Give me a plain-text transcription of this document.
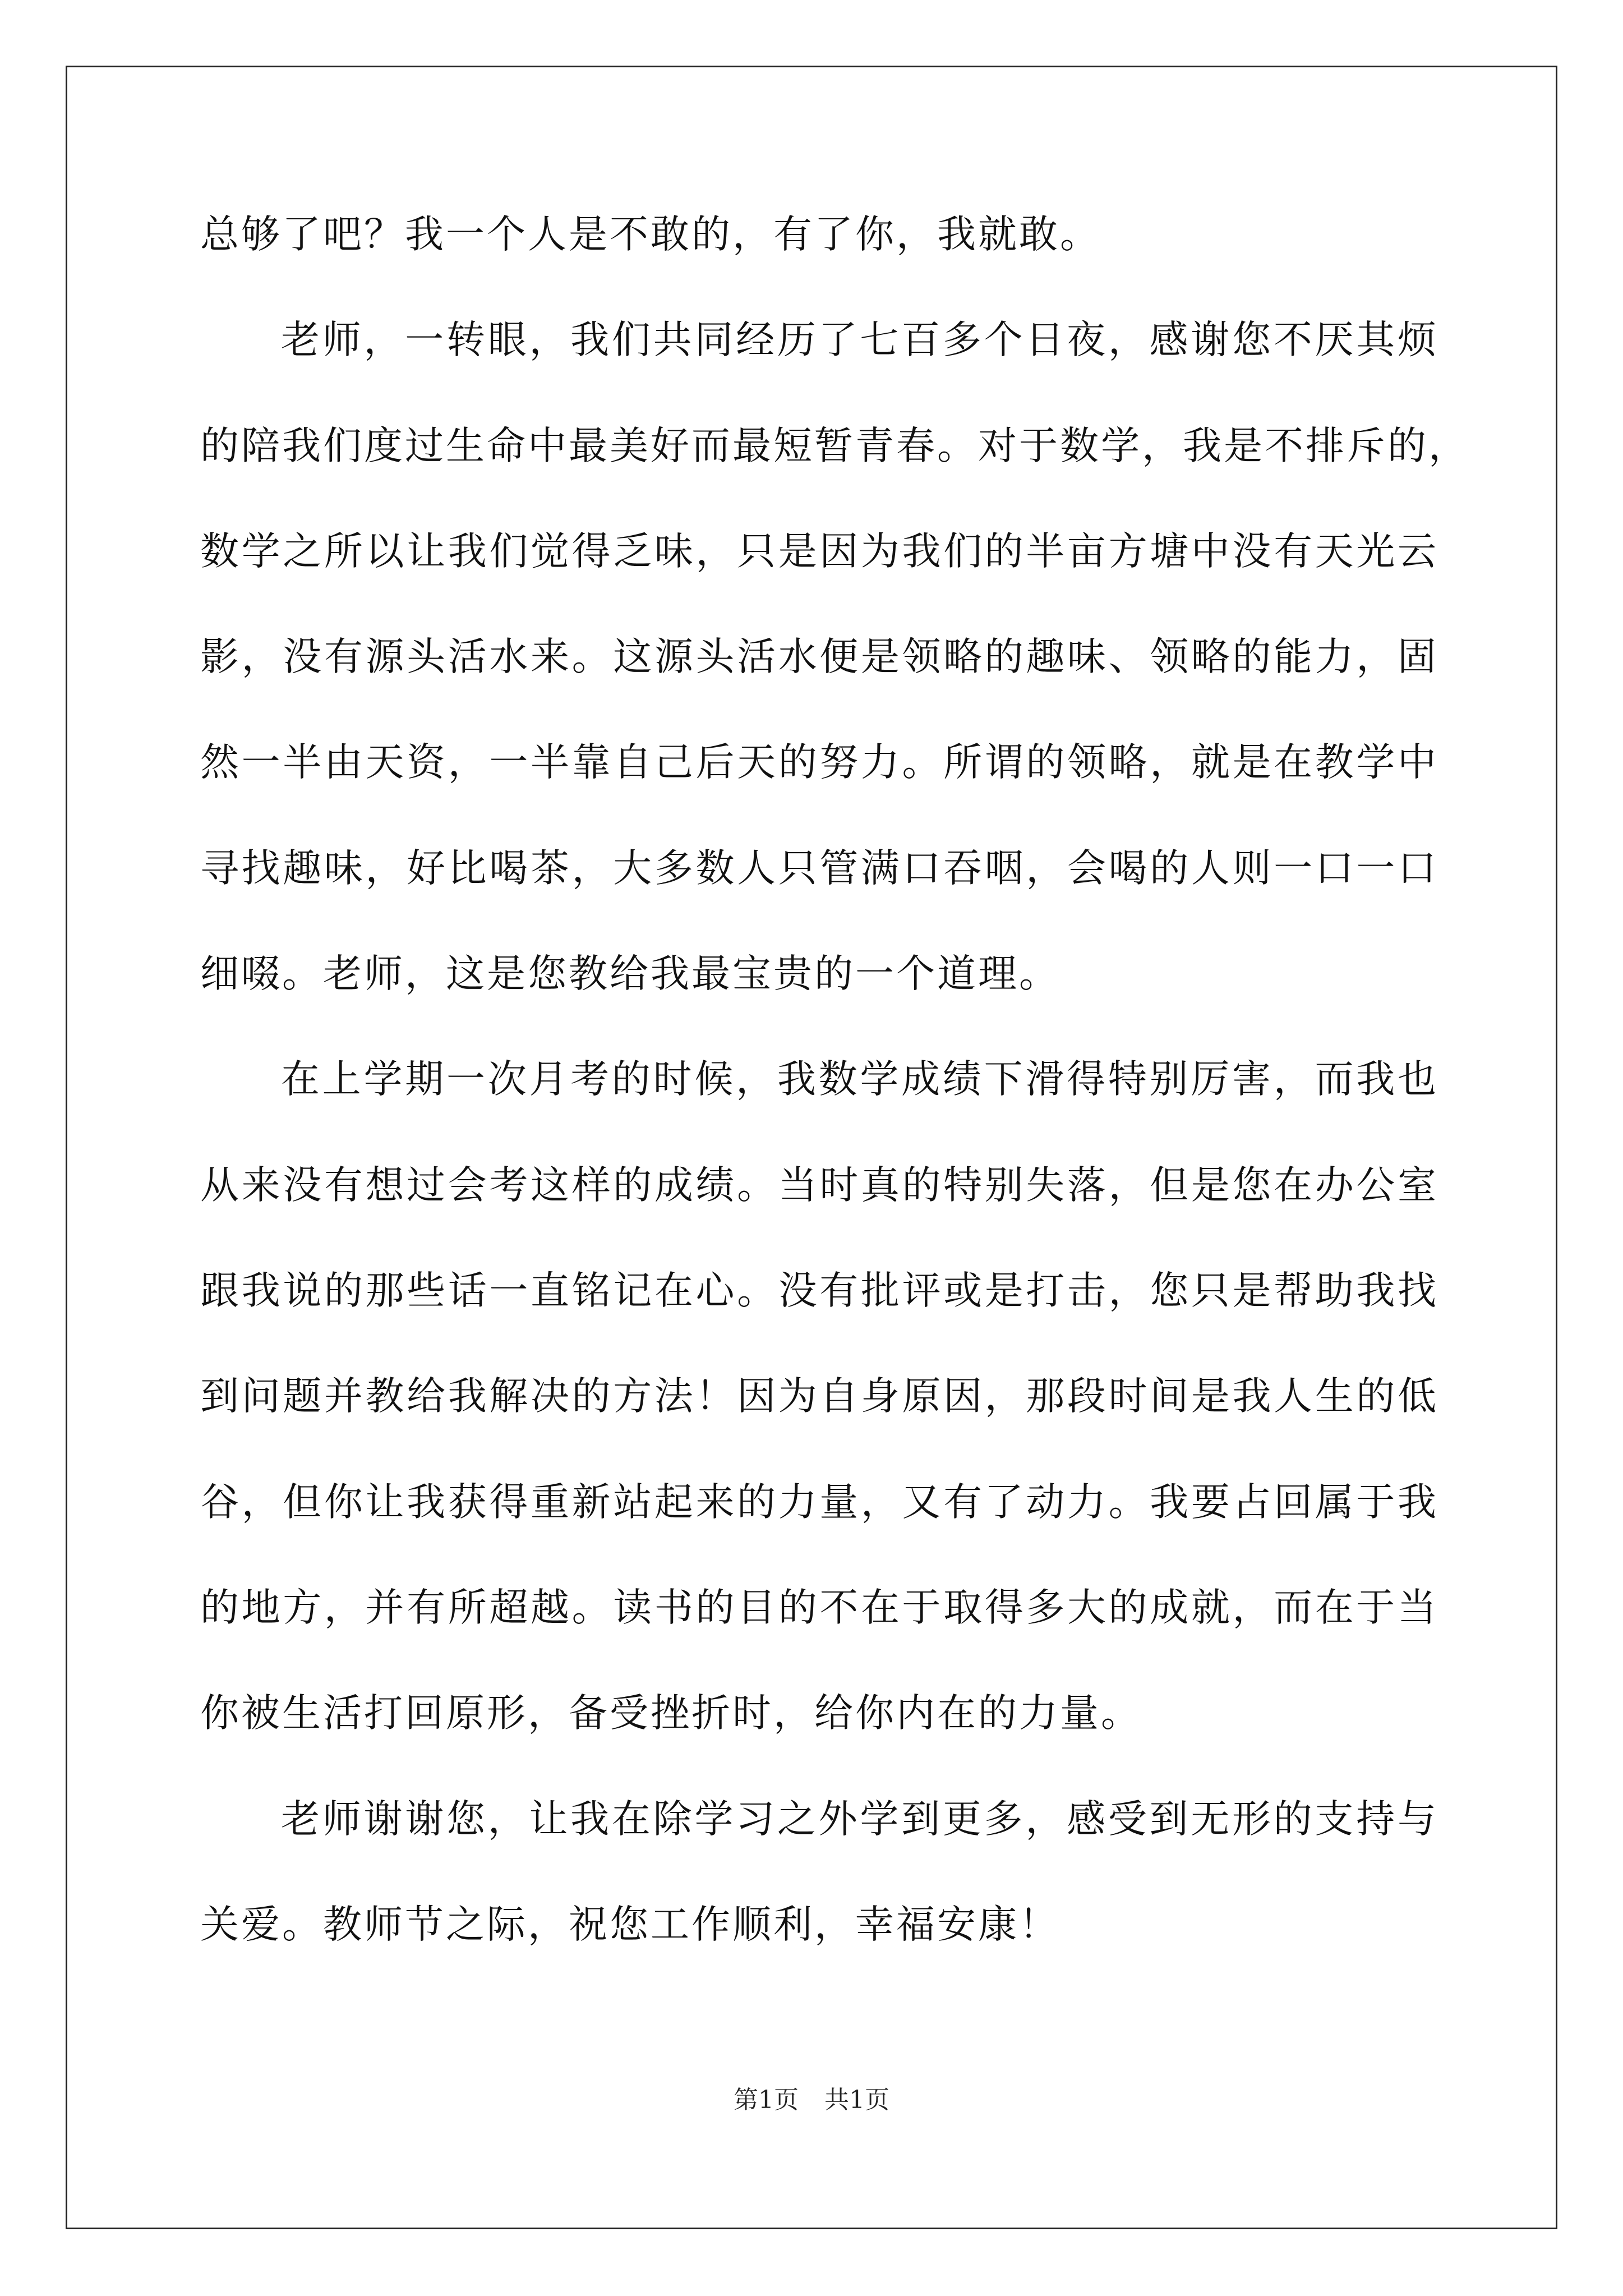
总够了吧？我一个人是不敢的，有了你，我就敢。
老师，一转眼，我们共同经历了七百多个日夜，感谢您不厌其烦
的陪我们度过生命中最美好而最短暂青春。对于数学，我是不排斥的，
数学之所以让我们觉得乏味，只是因为我们的半亩方塘中没有天光云
影，没有源头活水来。这源头活水便是领略的趣味、领略的能力，固
然一半由天资，一半靠自己后天的努力。所谓的领略，就是在教学中
寻找趣味，好比喝茶，大多数人只管满口吞咽，会喝的人则一口一口
细啜。老师，这是您教给我最宝贵的一个道理。
在上学期一次月考的时候，我数学成绩下滑得特别厉害，而我也
从来没有想过会考这样的成绩。当时真的特别失落，但是您在办公室
跟我说的那些话一直铭记在心。没有批评或是打击，您只是帮助我找
到问题并教给我解决的方法！因为自身原因，那段时间是我人生的低
谷，但你让我获得重新站起来的力量，又有了动力。我要占回属于我
的地方，并有所超越。读书的目的不在于取得多大的成就，而在于当
你被生活打回原形，备受挫折时，给你内在的力量。
老师谢谢您，让我在除学习之外学到更多，感受到无形的支持与
关爱。教师节之际，祝您工作顺利，幸福安康！
第1页 共1页
